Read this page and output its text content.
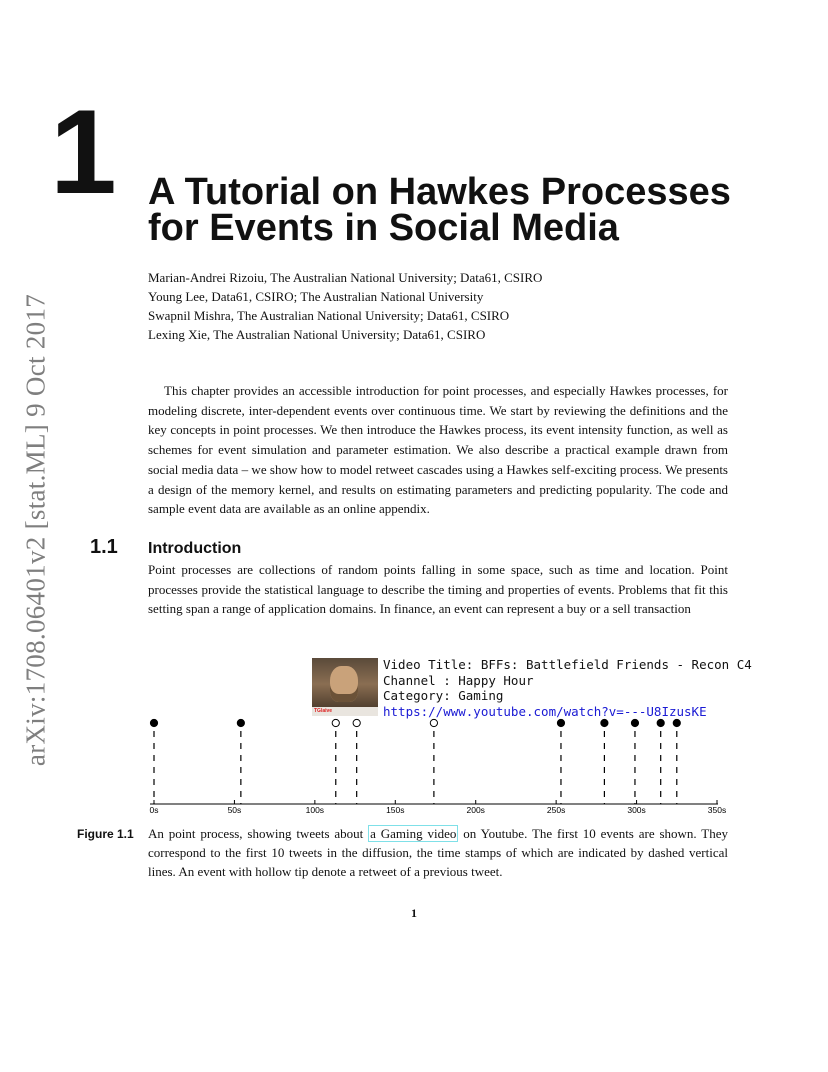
1 A Tutorial on Hawkes Processes
for Events in Social Media
Marian-Andrei Rizoiu, The Australian National University; Data61, CSIRO
Young Lee, Data61, CSIRO; The Australian National University
Swapnil Mishra, The Australian National University; Data61, CSIRO
Lexing Xie, The Australian National University; Data61, CSIRO
arXiv:1708.06401v2 [stat.ML] 9 Oct 2017	This chapter provides an accessible introduction for point processes, and especially Hawkes processes, for modeling discrete, inter-dependent events over continuous time. We start by reviewing the definitions and the key concepts in point processes. We then introduce the Hawkes process, its event intensity function, as well as schemes for event simulation and parameter estimation. We also describe a practical example drawn from social media data – we show how to model retweet cascades using a Hawkes self-exciting process. We presents a design of the memory kernel, and results on estimating parameters and predicting popularity. The code and sample event data are available as an online appendix.

1.1 Introduction

Point processes are collections of random points falling in some space, such as time and location. Point processes provide the statistical language to describe the timing and properties of events. Problems that fit this setting span a range of application domains. In finance, an event can represent a buy or a sell transaction

TGlaive
Video Title: BFFs: Battlefield Friends - Recon C4
Channel : Happy Hour
Category: Gaming
https://www.youtube.com/watch?v=---U8IzusKE
0s	50s	100s	150s	200s	250s	300s	350s
Figure 1.1 An point process, showing tweets about a Gaming video on Youtube. The first 10 events are shown. They correspond to the first 10 tweets in the diffusion, the time stamps of which are indicated by dashed vertical lines. An event with hollow tip denote a retweet of a previous tweet.

1
